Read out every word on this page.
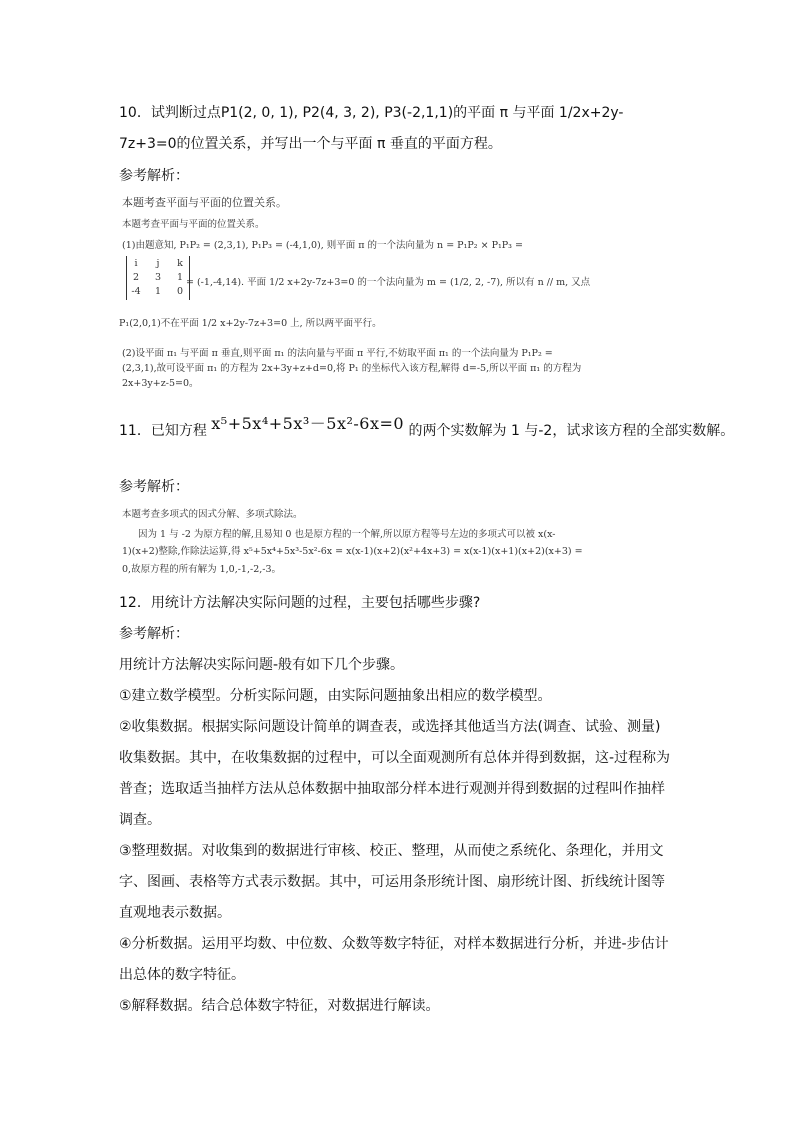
10．试判断过点P1(2, 0, 1), P2(4, 3, 2), P3(-2,1,1)的平面 π 与平面 1/2x+2y-
7z+3=0的位置关系，并写出一个与平面 π 垂直的平面方程。
参考解析：
本题考查平面与平面的位置关系。
本题考查平面与平面的位置关系。
(1)由题意知, P₁P₂ = (2,3,1), P₁P₃ = (-4,1,0), 则平面 π 的一个法向量为 n = P₁P₂ × P₁P₃ =
i	j	k
2 3 1
-4 1 0
= (-1,-4,14). 平面 1/2 x+2y-7z+3=0 的一个法向量为 m = (1/2, 2, -7), 所以有 n // m, 又点
P₁(2,0,1)不在平面 1/2 x+2y-7z+3=0 上, 所以两平面平行。
(2)设平面 π₁ 与平面 π 垂直,则平面 π₁ 的法向量与平面 π 平行,不妨取平面 π₁ 的一个法向量为 P₁P₂ =
(2,3,1),故可设平面 π₁ 的方程为 2x+3y+z+d=0,将 P₁ 的坐标代入该方程,解得 d=-5,所以平面 π₁ 的方程为
2x+3y+z-5=0。
11．已知方程 x⁵+5x⁴+5x³－5x²-6x=0 的两个实数解为 1 与-2，试求该方程的全部实数解。
参考解析：
本题考查多项式的因式分解、多项式除法。
因为 1 与 -2 为原方程的解,且易知 0 也是原方程的一个解,所以原方程等号左边的多项式可以被 x(x-
1)(x+2)整除,作除法运算,得 x⁵+5x⁴+5x³-5x²-6x = x(x-1)(x+2)(x²+4x+3) = x(x-1)(x+1)(x+2)(x+3) =
0,故原方程的所有解为 1,0,-1,-2,-3。
12．用统计方法解决实际问题的过程，主要包括哪些步骤?
参考解析：
用统计方法解决实际问题-般有如下几个步骤。
①建立数学模型。分析实际问题，由实际问题抽象出相应的数学模型。
②收集数据。根据实际问题设计简单的调查表，或选择其他适当方法(调查、试验、测量)
收集数据。其中，在收集数据的过程中，可以全面观测所有总体并得到数据，这-过程称为
普查；选取适当抽样方法从总体数据中抽取部分样本进行观测并得到数据的过程叫作抽样
调查。
③整理数据。对收集到的数据进行审核、校正、整理，从而使之系统化、条理化，并用文
字、图画、表格等方式表示数据。其中，可运用条形统计图、扇形统计图、折线统计图等
直观地表示数据。
④分析数据。运用平均数、中位数、众数等数字特征，对样本数据进行分析，并进-步估计
出总体的数字特征。
⑤解释数据。结合总体数字特征，对数据进行解读。
